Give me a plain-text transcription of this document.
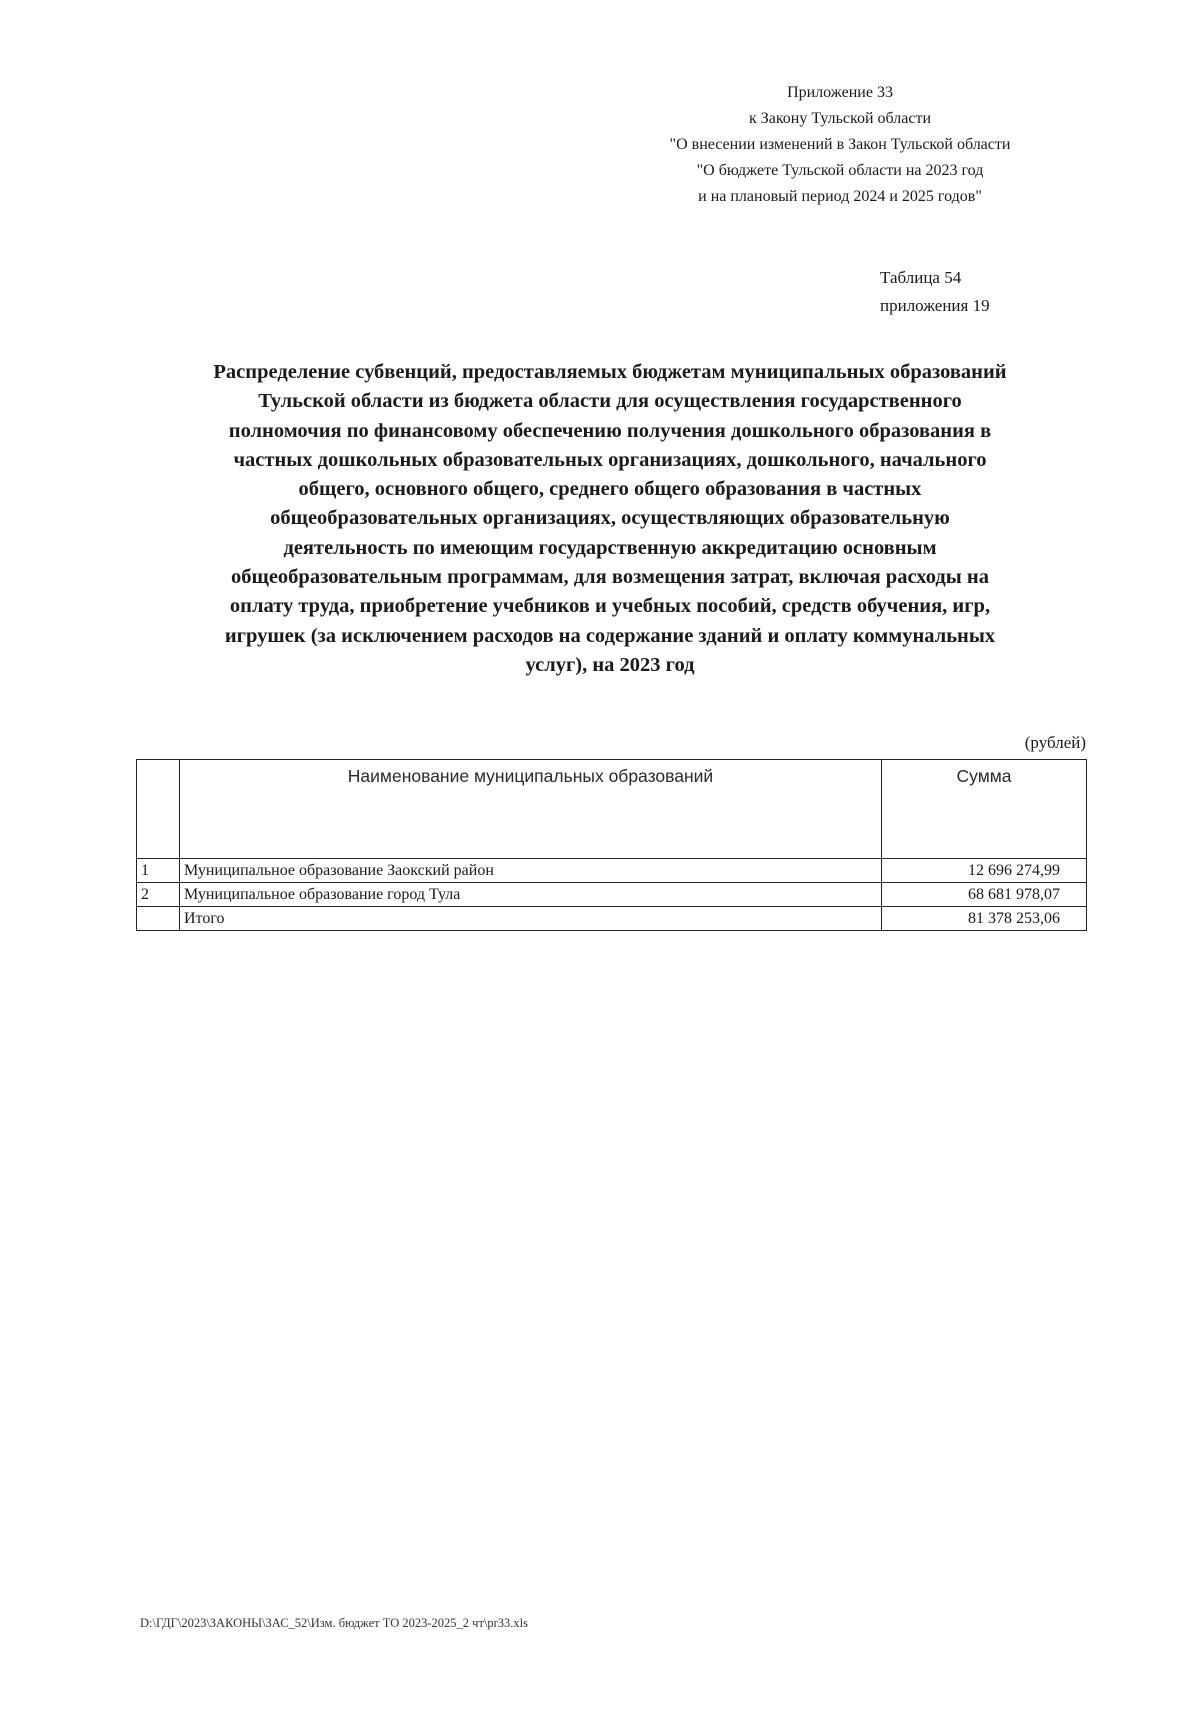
Приложение 33
к Закону Тульской области
"О внесении изменений в Закон Тульской области
"О бюджете Тульской области на 2023 год
и на плановый период 2024 и 2025 годов"
Таблица 54
приложения 19
Распределение субвенций, предоставляемых бюджетам муниципальных образований
Тульской области из бюджета области для осуществления государственного
полномочия по финансовому обеспечению получения дошкольного образования в
частных дошкольных образовательных организациях, дошкольного, начального
общего, основного общего, среднего общего образования в частных
общеобразовательных организациях, осуществляющих образовательную
деятельность по имеющим государственную аккредитацию основным
общеобразовательным программам, для возмещения затрат, включая расходы на
оплату труда, приобретение учебников и учебных пособий, средств обучения, игр,
игрушек (за исключением расходов на содержание зданий и оплату коммунальных
услуг), на 2023 год
(рублей)
	Наименование муниципальных образований	Сумма
1	Муниципальное образование Заокский район	12 696 274,99
2	Муниципальное образование город Тула	68 681 978,07
	Итого	81 378 253,06
D:\ГДГ\2023\ЗАКОНЫ\ЗАС_52\Изм. бюджет ТО 2023-2025_2 чт\pr33.xls
